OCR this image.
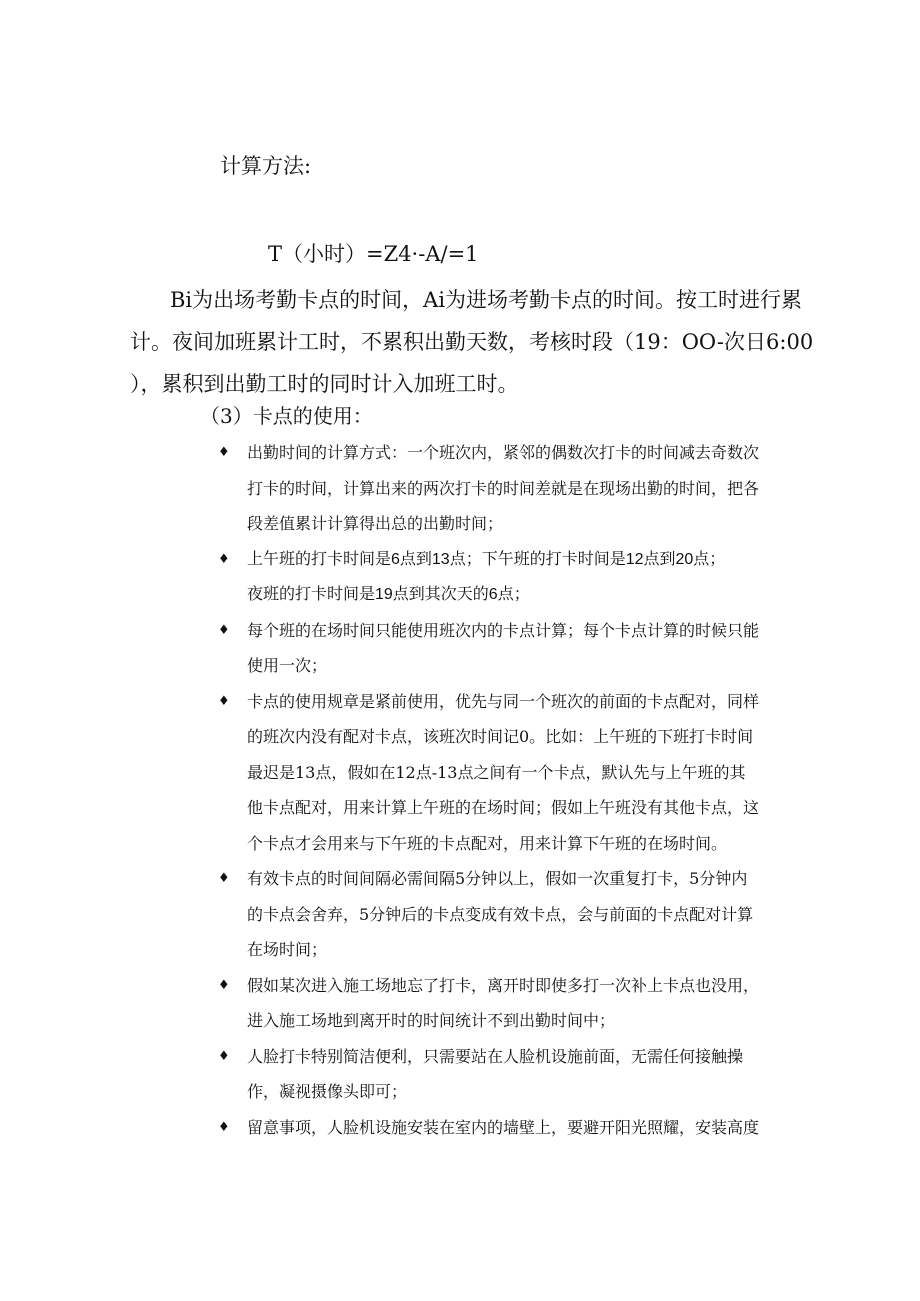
计算方法:
T（小时）=Z4·-A/=1
Bi为出场考勤卡点的时间，Ai为进场考勤卡点的时间。按工时进行累
计。夜间加班累计工时，不累积出勤天数，考核时段（19：OO-次日6:00
），累积到出勤工时的同时计入加班工时。
（3）卡点的使用：
♦ 出勤时间的计算方式：一个班次内，紧邻的偶数次打卡的时间减去奇数次
打卡的时间，计算出来的两次打卡的时间差就是在现场出勤的时间，把各
段差值累计计算得出总的出勤时间；
♦ 上午班的打卡时间是6点到13点；下午班的打卡时间是12点到20点；
夜班的打卡时间是19点到其次天的6点；
♦ 每个班的在场时间只能使用班次内的卡点计算；每个卡点计算的时候只能
使用一次；
♦ 卡点的使用规章是紧前使用，优先与同一个班次的前面的卡点配对，同样
的班次内没有配对卡点，该班次时间记0。比如：上午班的下班打卡时间
最迟是13点，假如在12点-13点之间有一个卡点，默认先与上午班的其
他卡点配对，用来计算上午班的在场时间；假如上午班没有其他卡点，这
个卡点才会用来与下午班的卡点配对，用来计算下午班的在场时间。
♦ 有效卡点的时间间隔必需间隔5分钟以上，假如一次重复打卡，5分钟内
的卡点会舍弃，5分钟后的卡点变成有效卡点，会与前面的卡点配对计算
在场时间；
♦ 假如某次进入施工场地忘了打卡，离开时即使多打一次补上卡点也没用，
进入施工场地到离开时的时间统计不到出勤时间中；
♦ 人脸打卡特别简洁便利，只需要站在人脸机设施前面，无需任何接触操
作，凝视摄像头即可；
♦ 留意事项，人脸机设施安装在室内的墙壁上，要避开阳光照耀，安装高度
